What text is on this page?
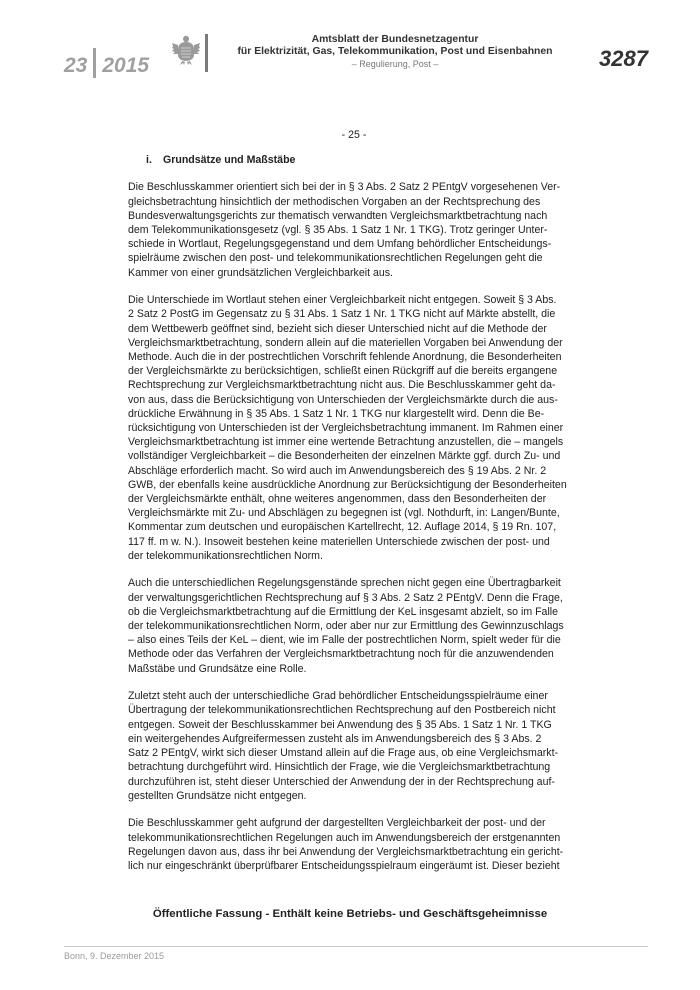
23 2015
Amtsblatt der Bundesnetzagentur
für Elektrizität, Gas, Telekommunikation, Post und Eisenbahnen
– Regulierung, Post –	3287
- 25 -
i. Grundsätze und Maßstäbe

Die Beschlusskammer orientiert sich bei der in § 3 Abs. 2 Satz 2 PEntgV vorgesehenen Ver-
gleichsbetrachtung hinsichtlich der methodischen Vorgaben an der Rechtsprechung des
Bundesverwaltungsgerichts zur thematisch verwandten Vergleichsmarktbetrachtung nach
dem Telekommunikationsgesetz (vgl. § 35 Abs. 1 Satz 1 Nr. 1 TKG). Trotz geringer Unter-
schiede in Wortlaut, Regelungsgegenstand und dem Umfang behördlicher Entscheidungs-
spielräume zwischen den post- und telekommunikationsrechtlichen Regelungen geht die
Kammer von einer grundsätzlichen Vergleichbarkeit aus.

Die Unterschiede im Wortlaut stehen einer Vergleichbarkeit nicht entgegen. Soweit § 3 Abs.
2 Satz 2 PostG im Gegensatz zu § 31 Abs. 1 Satz 1 Nr. 1 TKG nicht auf Märkte abstellt, die
dem Wettbewerb geöffnet sind, bezieht sich dieser Unterschied nicht auf die Methode der
Vergleichsmarktbetrachtung, sondern allein auf die materiellen Vorgaben bei Anwendung der
Methode. Auch die in der postrechtlichen Vorschrift fehlende Anordnung, die Besonderheiten
der Vergleichsmärkte zu berücksichtigen, schließt einen Rückgriff auf die bereits ergangene
Rechtsprechung zur Vergleichsmarktbetrachtung nicht aus. Die Beschlusskammer geht da-
von aus, dass die Berücksichtigung von Unterschieden der Vergleichsmärkte durch die aus-
drückliche Erwähnung in § 35 Abs. 1 Satz 1 Nr. 1 TKG nur klargestellt wird. Denn die Be-
rücksichtigung von Unterschieden ist der Vergleichsbetrachtung immanent. Im Rahmen einer
Vergleichsmarktbetrachtung ist immer eine wertende Betrachtung anzustellen, die – mangels
vollständiger Vergleichbarkeit – die Besonderheiten der einzelnen Märkte ggf. durch Zu- und
Abschläge erforderlich macht. So wird auch im Anwendungsbereich des § 19 Abs. 2 Nr. 2
GWB, der ebenfalls keine ausdrückliche Anordnung zur Berücksichtigung der Besonderheiten
der Vergleichsmärkte enthält, ohne weiteres angenommen, dass den Besonderheiten der
Vergleichsmärkte mit Zu- und Abschlägen zu begegnen ist (vgl. Nothdurft, in: Langen/Bunte,
Kommentar zum deutschen und europäischen Kartellrecht, 12. Auflage 2014, § 19 Rn. 107,
117 ff. m w. N.). Insoweit bestehen keine materiellen Unterschiede zwischen der post- und
der telekommunikationsrechtlichen Norm.

Auch die unterschiedlichen Regelungsgenstände sprechen nicht gegen eine Übertragbarkeit
der verwaltungsgerichtlichen Rechtsprechung auf § 3 Abs. 2 Satz 2 PEntgV. Denn die Frage,
ob die Vergleichsmarktbetrachtung auf die Ermittlung der KeL insgesamt abzielt, so im Falle
der telekommunikationsrechtlichen Norm, oder aber nur zur Ermittlung des Gewinnzuschlags
– also eines Teils der KeL – dient, wie im Falle der postrechtlichen Norm, spielt weder für die
Methode oder das Verfahren der Vergleichsmarktbetrachtung noch für die anzuwendenden
Maßstäbe und Grundsätze eine Rolle.

Zuletzt steht auch der unterschiedliche Grad behördlicher Entscheidungsspielräume einer
Übertragung der telekommunikationsrechtlichen Rechtsprechung auf den Postbereich nicht
entgegen. Soweit der Beschlusskammer bei Anwendung des § 35 Abs. 1 Satz 1 Nr. 1 TKG
ein weitergehendes Aufgreifermessen zusteht als im Anwendungsbereich des § 3 Abs. 2
Satz 2 PEntgV, wirkt sich dieser Umstand allein auf die Frage aus, ob eine Vergleichsmarkt-
betrachtung durchgeführt wird. Hinsichtlich der Frage, wie die Vergleichsmarktbetrachtung
durchzuführen ist, steht dieser Unterschied der Anwendung der in der Rechtsprechung auf-
gestellten Grundsätze nicht entgegen.

Die Beschlusskammer geht aufgrund der dargestellten Vergleichbarkeit der post- und der
telekommunikationsrechtlichen Regelungen auch im Anwendungsbereich der erstgenannten
Regelungen davon aus, dass ihr bei Anwendung der Vergleichsmarktbetrachtung ein gericht-
lich nur eingeschränkt überprüfbarer Entscheidungsspielraum eingeräumt ist. Dieser bezieht

Öffentliche Fassung - Enthält keine Betriebs- und Geschäftsgeheimnisse
Bonn, 9. Dezember 2015
